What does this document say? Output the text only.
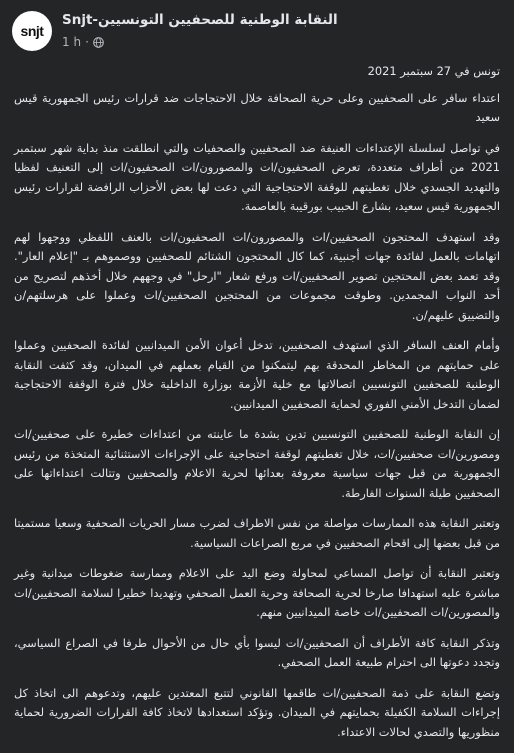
snjt
النقابة الوطنية للصحفيين التونسيين-Snjt
1 h ·

تونس في 27 سبتمبر 2021

اعتداء سافر على الصحفيين وعلى حرية الصحافة خلال الاحتجاجات ضد قرارات رئيس الجمهورية قيس سعيد

في تواصل لسلسلة الإعتداءات العنيفة ضد الصحفيين والصحفيات والتي انطلقت منذ بداية شهر سبتمبر 2021 من أطراف متعددة، تعرض الصحفيون/ات والمصورون/ات الصحفيون/ات إلى التعنيف لفظيا والتهديد الجسدي خلال تغطيتهم للوقفة الاحتجاجية التي دعت لها بعض الأحزاب الرافضة لقرارات رئيس الجمهورية قيس سعيد، بشارع الحبيب بورقيبة بالعاصمة.

وقد استهدف المحتجون الصحفيين/ات والمصورون/ات الصحفيون/ات بالعنف اللفظي ووجهوا لهم اتهامات بالعمل لفائدة جهات أجنبية، كما كال المحتجون الشتائم للصحفيين ووصموهم بـ "إعلام العار". وقد تعمد بعض المحتجين تصوير الصحفيين/ات ورفع شعار "ارحل" في وجههم خلال أخذهم لتصريح من أحد النواب المجمدين. وطوقت مجموعات من المحتجين الصحفيين/ات وعملوا على هرسلتهم/ن والتضييق عليهم/ن.

وأمام العنف السافر الذي استهدف الصحفيين، تدخل أعوان الأمن الميدانيين لفائدة الصحفيين وعملوا على حمايتهم من المخاطر المحدقة بهم ليتمكنوا من القيام بعملهم في الميدان، وقد كثفت النقابة الوطنية للصحفيين التونسيين اتصالاتها مع خلية الأزمة بوزارة الداخلية خلال فترة الوقفة الاحتجاجية لضمان التدخل الأمني الفوري لحماية الصحفيين الميدانيين.

إن النقابة الوطنية للصحفيين التونسيين تدين بشدة ما عاينته من اعتداءات خطيرة على صحفيين/ات ومصورين/ات صحفيين/ات، خلال تغطيتهم لوقفة احتجاجية على الإجراءات الاستثنائية المتخذة من رئيس الجمهورية من قبل جهات سياسية معروفة بعدائها لحرية الاعلام والصحفيين وتتالت اعتداءاتها على الصحفيين طيلة السنوات الفارطة.

وتعتبر النقابة هذه الممارسات مواصلة من نفس الاطراف لضرب مسار الحريات الصحفية وسعيا مستميتا من قبل بعضها إلى اقحام الصحفيين في مربع الصراعات السياسية.

وتعتبر النقابة أن تواصل المساعي لمحاولة وضع اليد على الاعلام وممارسة ضغوطات ميدانية وغير مباشرة عليه استهدافا صارخا لحرية الصحافة وحرية العمل الصحفي وتهديدا خطيرا لسلامة الصحفيين/ات والمصورين/ات الصحفيين/ات خاصة الميدانيين منهم.

وتذكر النقابة كافة الأطراف أن الصحفيين/ات ليسوا بأي حال من الأحوال طرفا في الصراع السياسي، وتجدد دعوتها الى احترام طبيعة العمل الصحفي.

وتضع النقابة على ذمة الصحفيين/ات طاقمها القانوني لتتبع المعتدين عليهم، وتدعوهم الى اتخاذ كل إجراءات السلامة الكفيلة بحمايتهم في الميدان. وتؤكد استعدادها لاتخاذ كافة القرارات الضرورية لحماية منظوريها والتصدي لحالات الاعتداء.
